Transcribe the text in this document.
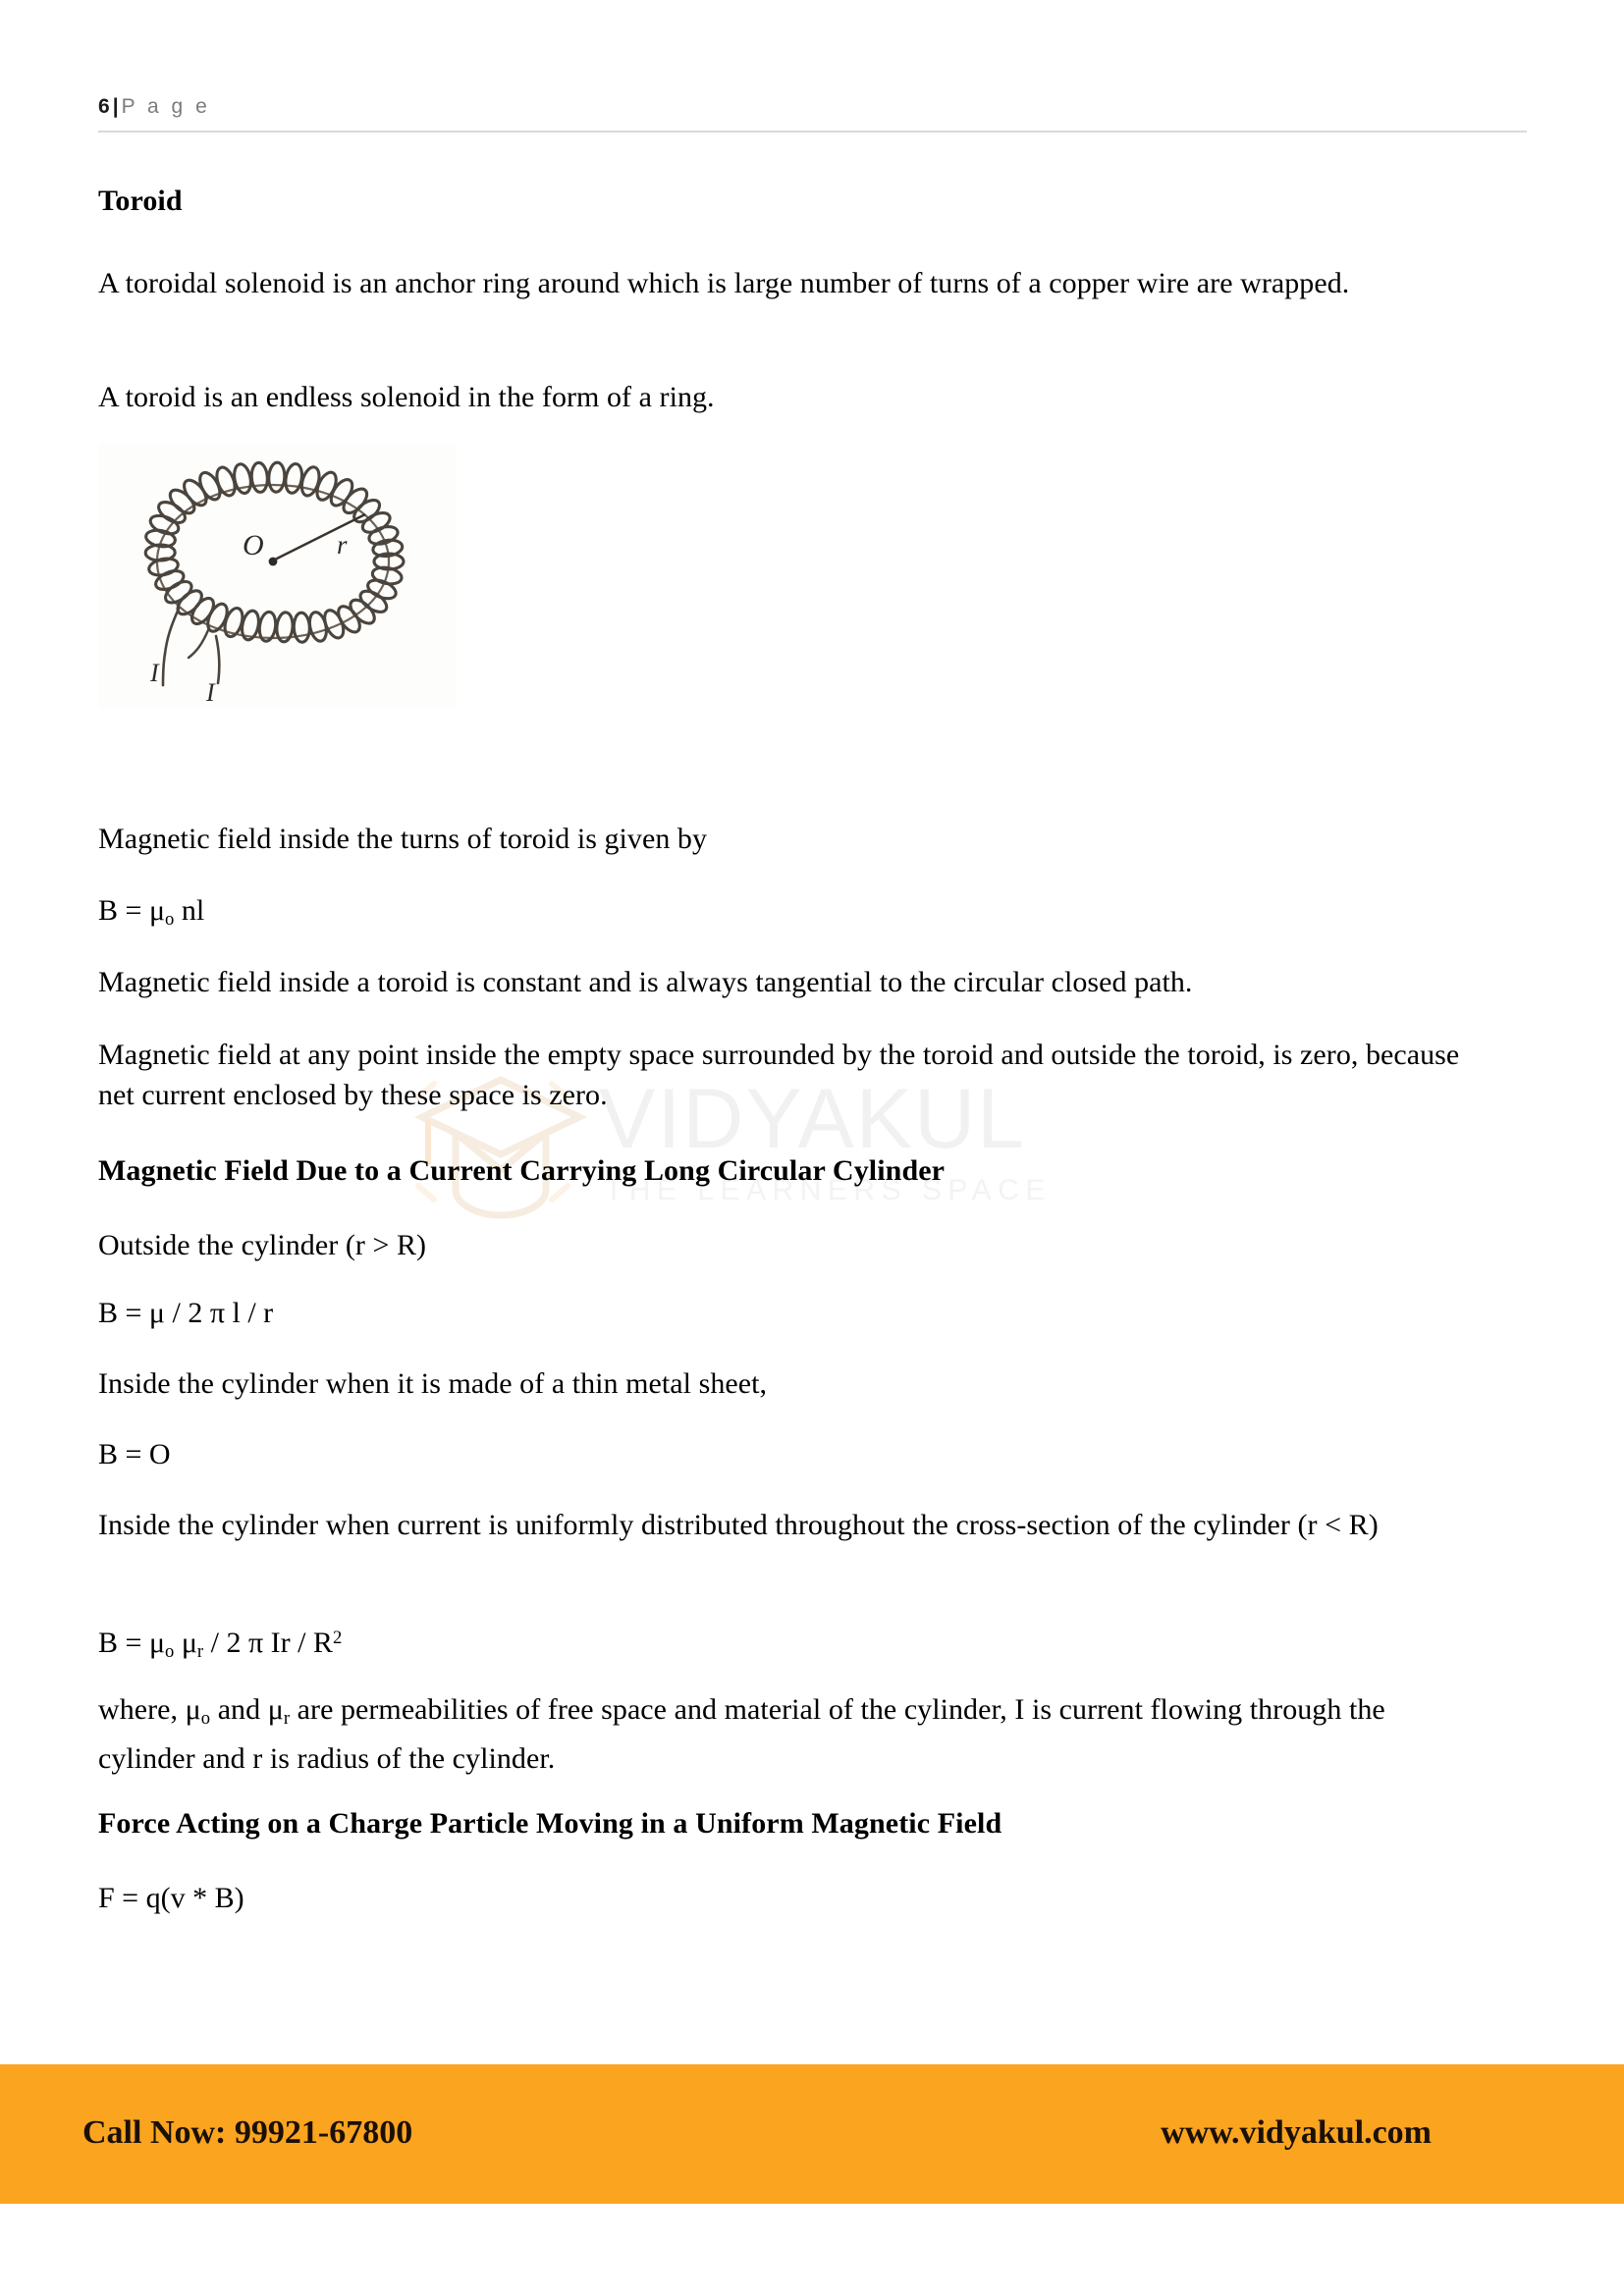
VIDYAKUL
THE LEARNERS SPACE
6 | P a g e
Toroid

A toroidal solenoid is an anchor ring around which is large number of turns of a copper wire are wrapped.

A toroid is an endless solenoid in the form of a ring.

O	r
I
I

Magnetic field inside the turns of toroid is given by

$B = \mu_o$ nl

Magnetic field inside a toroid is constant and is always tangential to the circular closed path.

Magnetic field at any point inside the empty space surrounded by the toroid and outside the toroid, is zero, because net current enclosed by these space is zero.

Magnetic Field Due to a Current Carrying Long Circular Cylinder

Outside the cylinder (r > R)

B = μ / 2 π l / r

Inside the cylinder when it is made of a thin metal sheet,

B = O

Inside the cylinder when current is uniformly distributed throughout the cross-section of the cylinder (r < R)

$B = \mu_o$ $\mu_r / 2$ π Ir / $R^2$

where, $\mu_o$ and $\mu_r$ are permeabilities of free space and material of the cylinder, I is current flowing through the cylinder and r is radius of the cylinder.

Force Acting on a Charge Particle Moving in a Uniform Magnetic Field

F = q(v * B)

Call Now: 99921-67800	www.vidyakul.com
